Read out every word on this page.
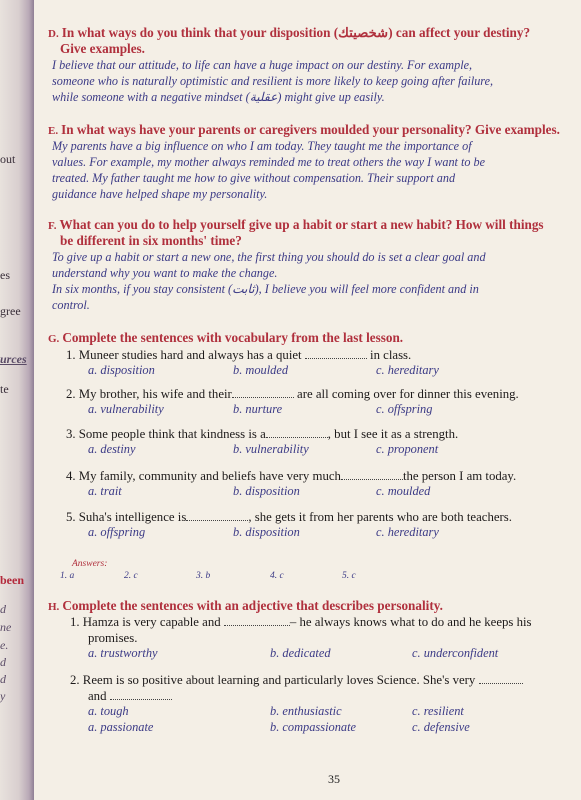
out
es
gree
urces
te
been
d
ne
e.
d
d
y
D. In what ways do you think that your disposition (شخصيتك) can affect your destiny?
Give examples.
I believe that our attitude, to life can have a huge impact on our destiny. For example,
someone who is naturally optimistic and resilient is more likely to keep going after failure,
while someone with a negative mindset (عقلية) might give up easily.
E. In what ways have your parents or caregivers moulded your personality? Give examples.
My parents have a big influence on who I am today. They taught me the importance of
values. For example, my mother always reminded me to treat others the way I want to be
treated. My father taught me how to give without compensation. Their support and
guidance have helped shape my personality.
F. What can you do to help yourself give up a habit or start a new habit? How will things
be different in six months' time?
To give up a habit or start a new one, the first thing you should do is set a clear goal and
understand why you want to make the change.
In six months, if you stay consistent (ثابت), I believe you will feel more confident and in
control.
G. Complete the sentences with vocabulary from the last lesson.
1. Muneer studies hard and always has a quiet	in class.
a. disposition	b. moulded	c. hereditary
2. My brother, his wife and their	are all coming over for dinner this evening.
a. vulnerability	b. nurture	c. offspring
3. Some people think that kindness is a	, but I see it as a strength.
a. destiny	b. vulnerability	c. proponent
4. My family, community and beliefs have very much	the person I am today.
a. trait	b. disposition	c. moulded
5. Suha's intelligence is	, she gets it from her parents who are both teachers.
a. offspring	b. disposition	c. hereditary
Answers:
1. a	2. c	3. b	4. c	5. c
H. Complete the sentences with an adjective that describes personality.
1. Hamza is very capable and	– he always knows what to do and he keeps his
promises.
a. trustworthy	b. dedicated	c. underconfident
2. Reem is so positive about learning and particularly loves Science. She's very
and
a. tough	b. enthusiastic	c. resilient
a. passionate	b. compassionate	c. defensive
35
